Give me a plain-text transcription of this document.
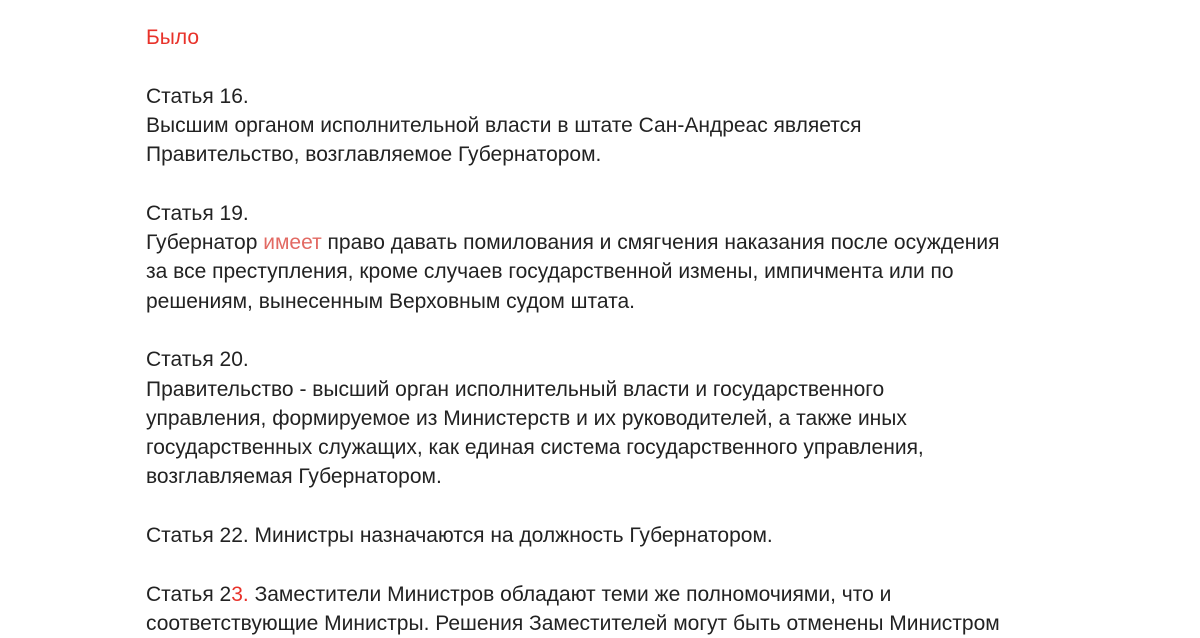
Было

Статья 16.

Высшим органом исполнительной власти в штате Сан-Андреас является

Правительство, возглавляемое Губернатором.

Статья 19.

Губернатор имеет право давать помилования и смягчения наказания после осуждения

за все преступления, кроме случаев государственной измены, импичмента или по

решениям, вынесенным Верховным судом штата.

Статья 20.

Правительство - высший орган исполнительный власти и государственного

управления, формируемое из Министерств и их руководителей, а также иных

государственных служащих, как единая система государственного управления,

возглавляемая Губернатором.

Статья 22. Министры назначаются на должность Губернатором.

Статья 23. Заместители Министров обладают теми же полномочиями, что и

соответствующие Министры. Решения Заместителей могут быть отменены Министром
